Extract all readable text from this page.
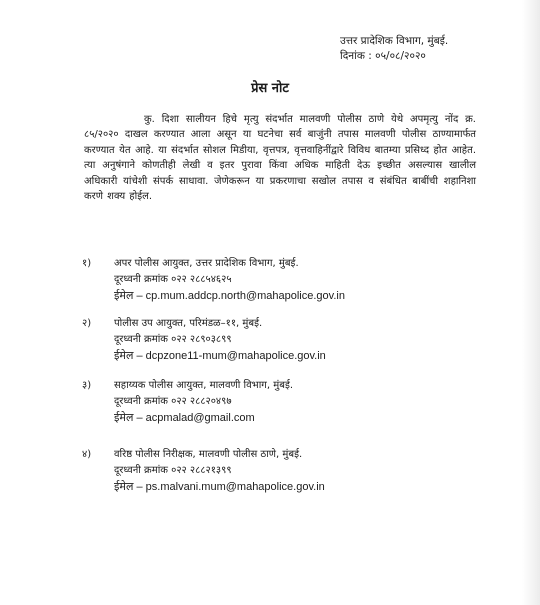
उत्तर प्रादेशिक विभाग, मुंबई.
दिनांक : ०५/०८/२०२०
प्रेस नोट
कु. दिशा सालीयन हिचे मृत्यु संदर्भात मालवणी पोलीस ठाणे येथे अपमृत्यु नोंद क्र. ८५/२०२० दाखल करण्यात आला असून या घटनेचा सर्व बाजुंनी तपास मालवणी पोलीस ठाण्यामार्फत करण्यात येत आहे. या संदर्भात सोशल मिडीया, वृत्तपत्र, वृत्तवाहिनींद्वारे विविध बातम्या प्रसिध्द होत आहेत. त्या अनुषंगाने कोणतीही लेखी व इतर पुरावा किंवा अधिक माहिती देऊ इच्छीत असल्यास खालील अधिकारी यांचेशी संपर्क साधावा. जेणेकरून या प्रकरणाचा सखोल तपास व संबंधित बाबींची शहानिशा करणे शक्य होईल.
१)	अपर पोलीस आयुक्त, उत्तर प्रादेशिक विभाग, मुंबई.
दूरध्वनी क्रमांक ०२२ २८८५४६२५
ईमेल – cp.mum.addcp.north@mahapolice.gov.in
२)	पोलीस उप आयुक्त, परिमंडळ–११, मुंबई.
दूरध्वनी क्रमांक ०२२ २८९०३८९९
ईमेल – dcpzone11-mum@mahapolice.gov.in
३)	सहाय्यक पोलीस आयुक्त, मालवणी विभाग, मुंबई.
दूरध्वनी क्रमांक ०२२ २८८२०४९७
ईमेल – acpmalad@gmail.com
४)	वरिष्ठ पोलीस निरीक्षक, मालवणी पोलीस ठाणे, मुंबई.
दूरध्वनी क्रमांक ०२२ २८८२१३९९
ईमेल – ps.malvani.mum@mahapolice.gov.in
